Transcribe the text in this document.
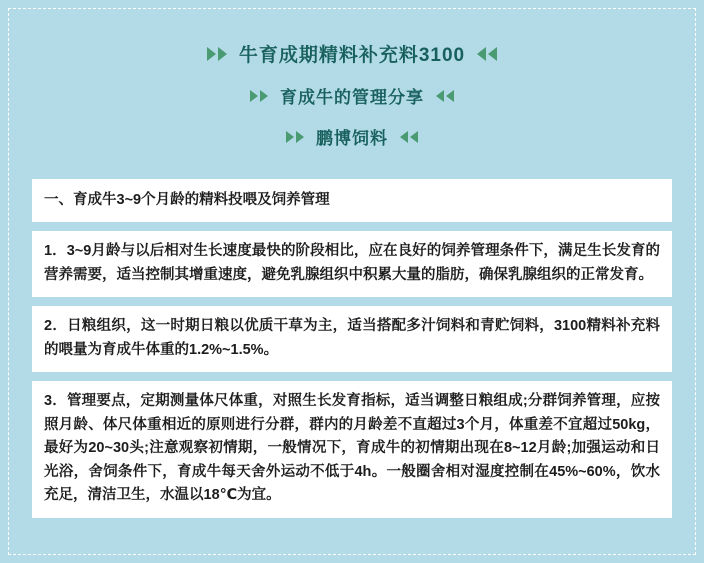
牛育成期精料补充料3100
育成牛的管理分享
鹏博饲料

一、育成牛3~9个月龄的精料投喂及饲养管理

1．3~9月龄与以后相对生长速度最快的阶段相比，应在良好的饲养管理条件下，满足生长发育的营养需要，适当控制其增重速度，避免乳腺组织中积累大量的脂肪，确保乳腺组织的正常发育。

2．日粮组织，这一时期日粮以优质干草为主，适当搭配多汁饲料和青贮饲料，3100精料补充料的喂量为育成牛体重的1.2%~1.5%。

3．管理要点，定期测量体尺体重，对照生长发育指标，适当调整日粮组成;分群饲养管理，应按照月龄、体尺体重相近的原则进行分群，群内的月龄差不直超过3个月，体重差不宜超过50kg，最好为20~30头;注意观察初情期，一般情况下，育成牛的初情期出现在8~12月龄;加强运动和日光浴，舍饲条件下，育成牛每天舍外运动不低于4h。一般圈舍相对湿度控制在45%~60%，饮水充足，清洁卫生，水温以18℃为宜。
